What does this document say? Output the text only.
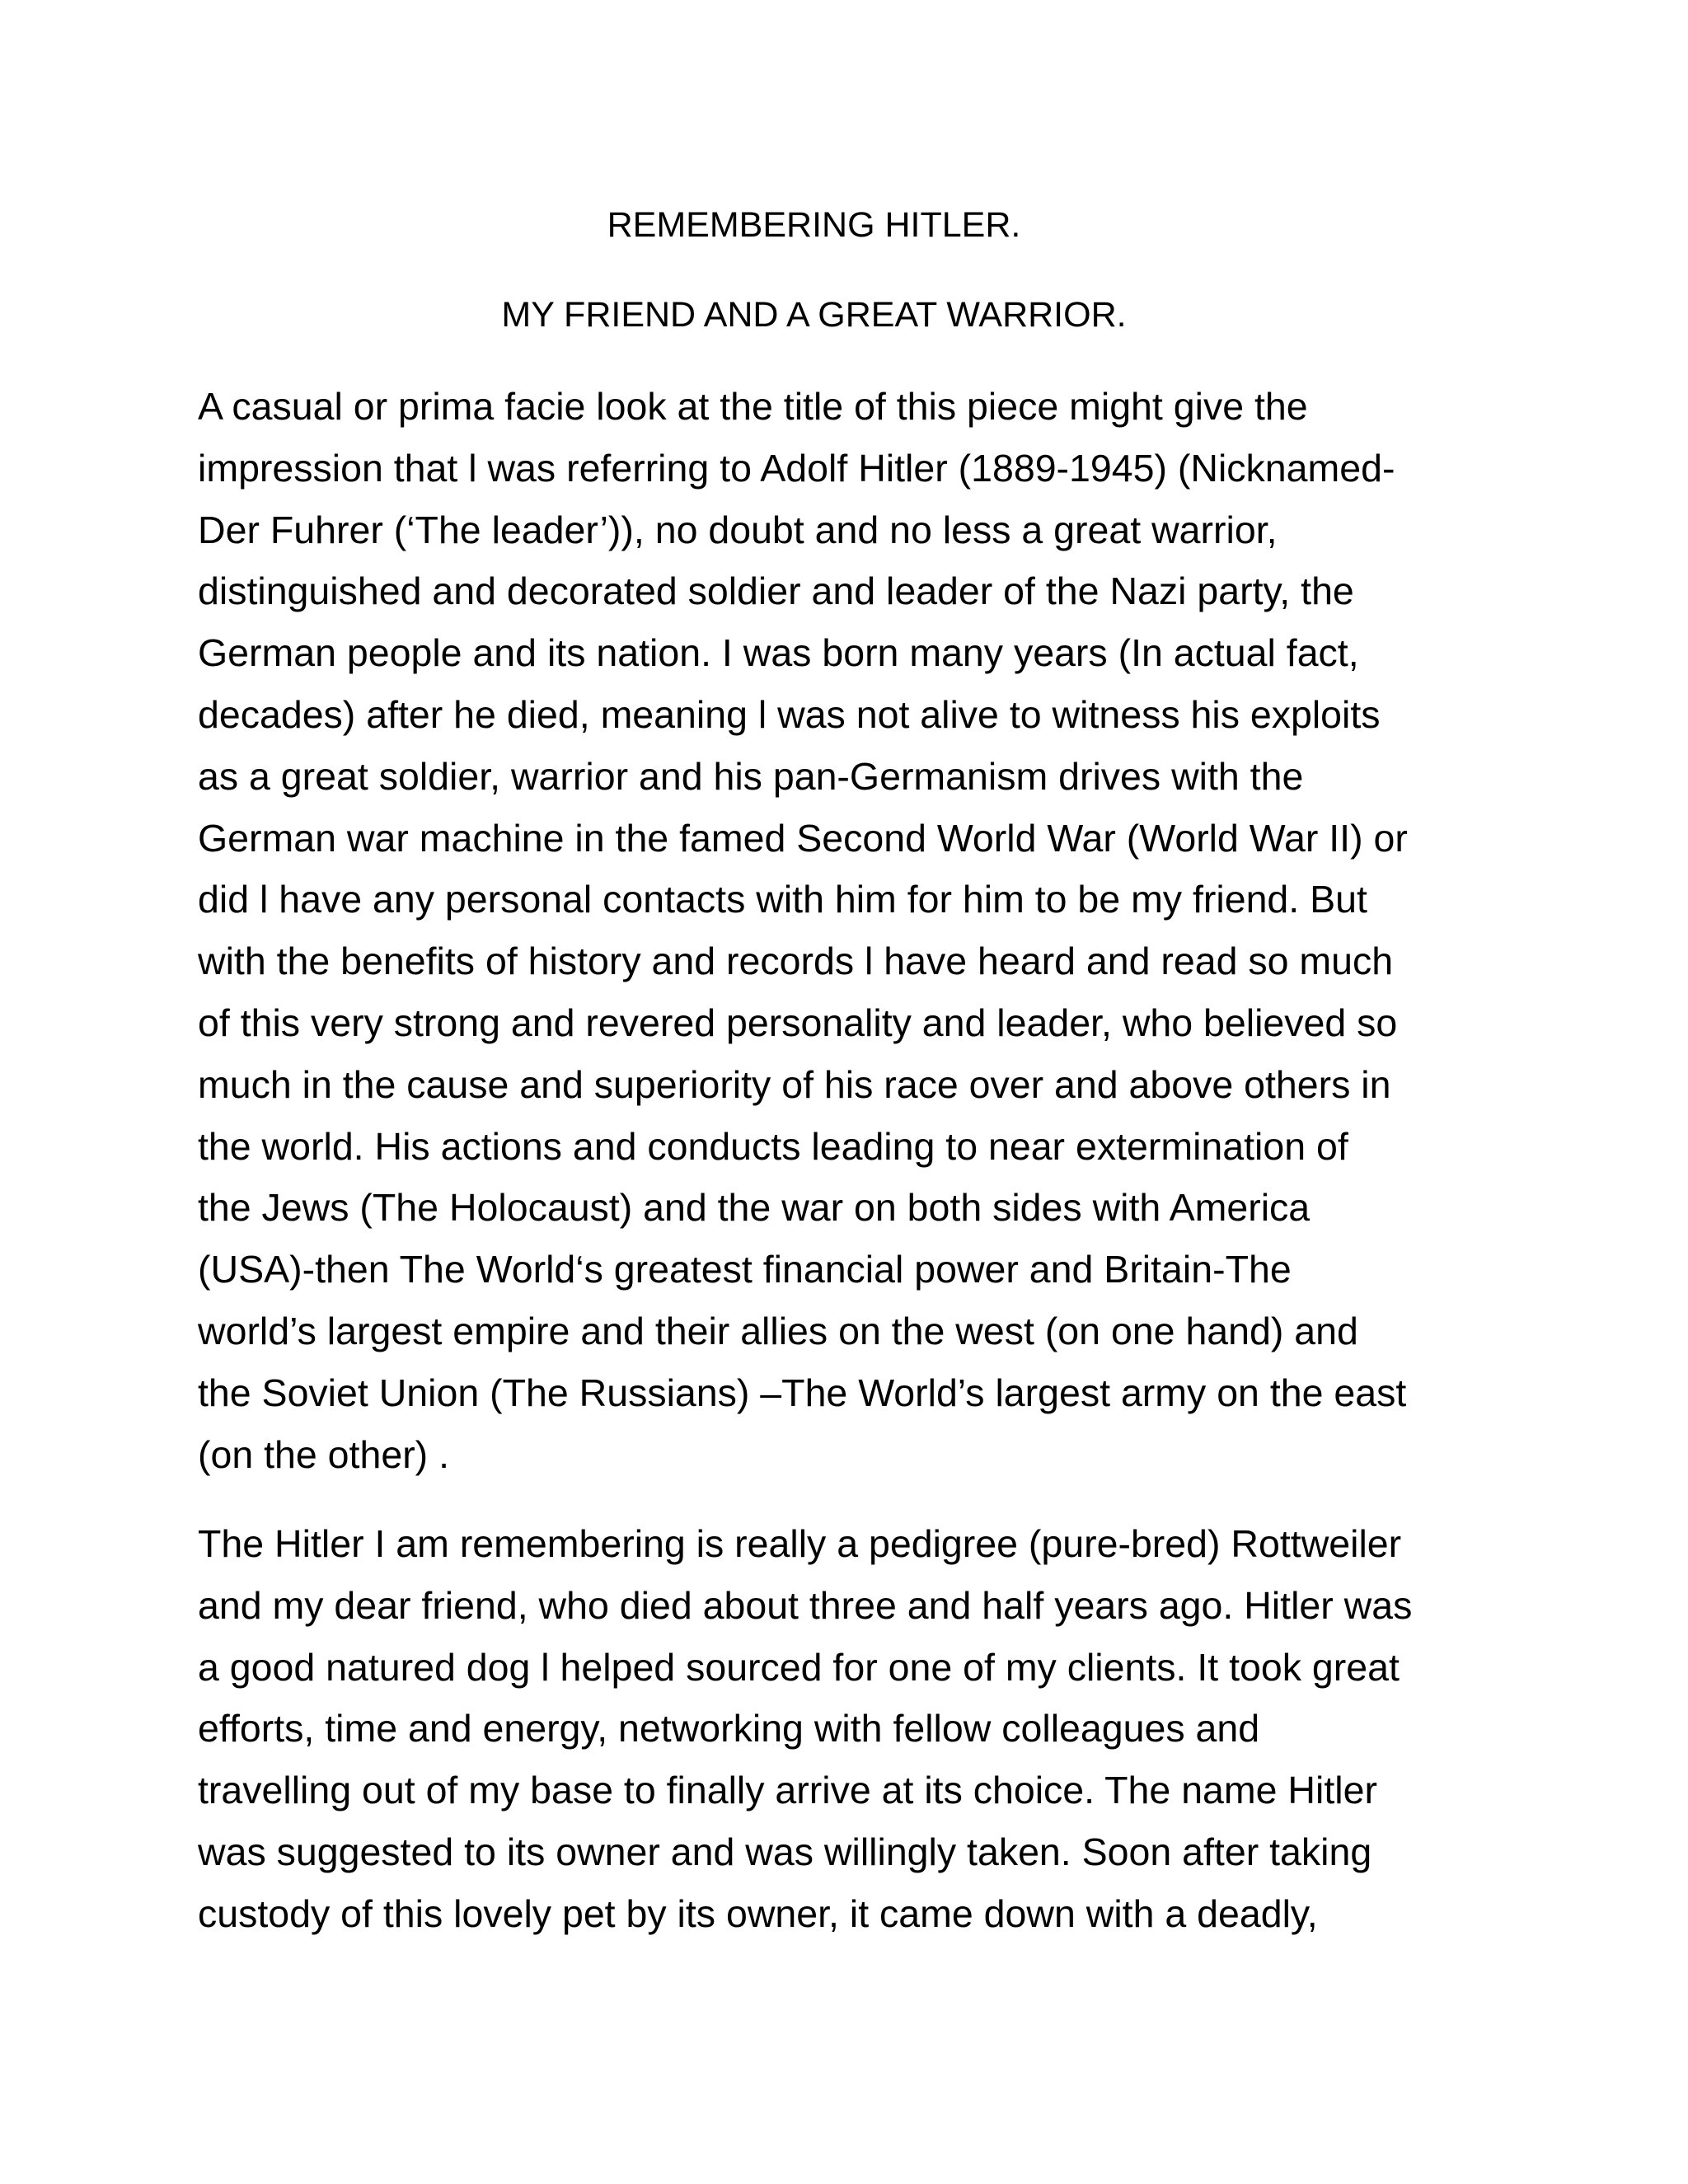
REMEMBERING HITLER.
MY FRIEND AND A GREAT WARRIOR.
A casual or prima facie look at the title of this piece might give the
impression that l was referring to Adolf Hitler (1889-1945) (Nicknamed-
Der Fuhrer (‘The leader’)), no doubt and no less a great warrior,
distinguished and decorated soldier and leader of the Nazi party, the
German people and its nation. I was born many years (In actual fact,
decades) after he died, meaning l was not alive to witness his exploits
as a great soldier, warrior and his pan-Germanism drives with the
German war machine in the famed Second World War (World War II) or
did l have any personal contacts with him for him to be my friend. But
with the benefits of history and records l have heard and read so much
of this very strong and revered personality and leader, who believed so
much in the cause and superiority of his race over and above others in
the world. His actions and conducts leading to near extermination of
the Jews (The Holocaust) and the war on both sides with America
(USA)-then The World‘s greatest financial power and Britain-The
world’s largest empire and their allies on the west (on one hand) and
the Soviet Union (The Russians) –The World’s largest army on the east
(on the other) .
The Hitler I am remembering is really a pedigree (pure-bred) Rottweiler
and my dear friend, who died about three and half years ago. Hitler was
a good natured dog l helped sourced for one of my clients. It took great
efforts, time and energy, networking with fellow colleagues and
travelling out of my base to finally arrive at its choice. The name Hitler
was suggested to its owner and was willingly taken. Soon after taking
custody of this lovely pet by its owner, it came down with a deadly,
